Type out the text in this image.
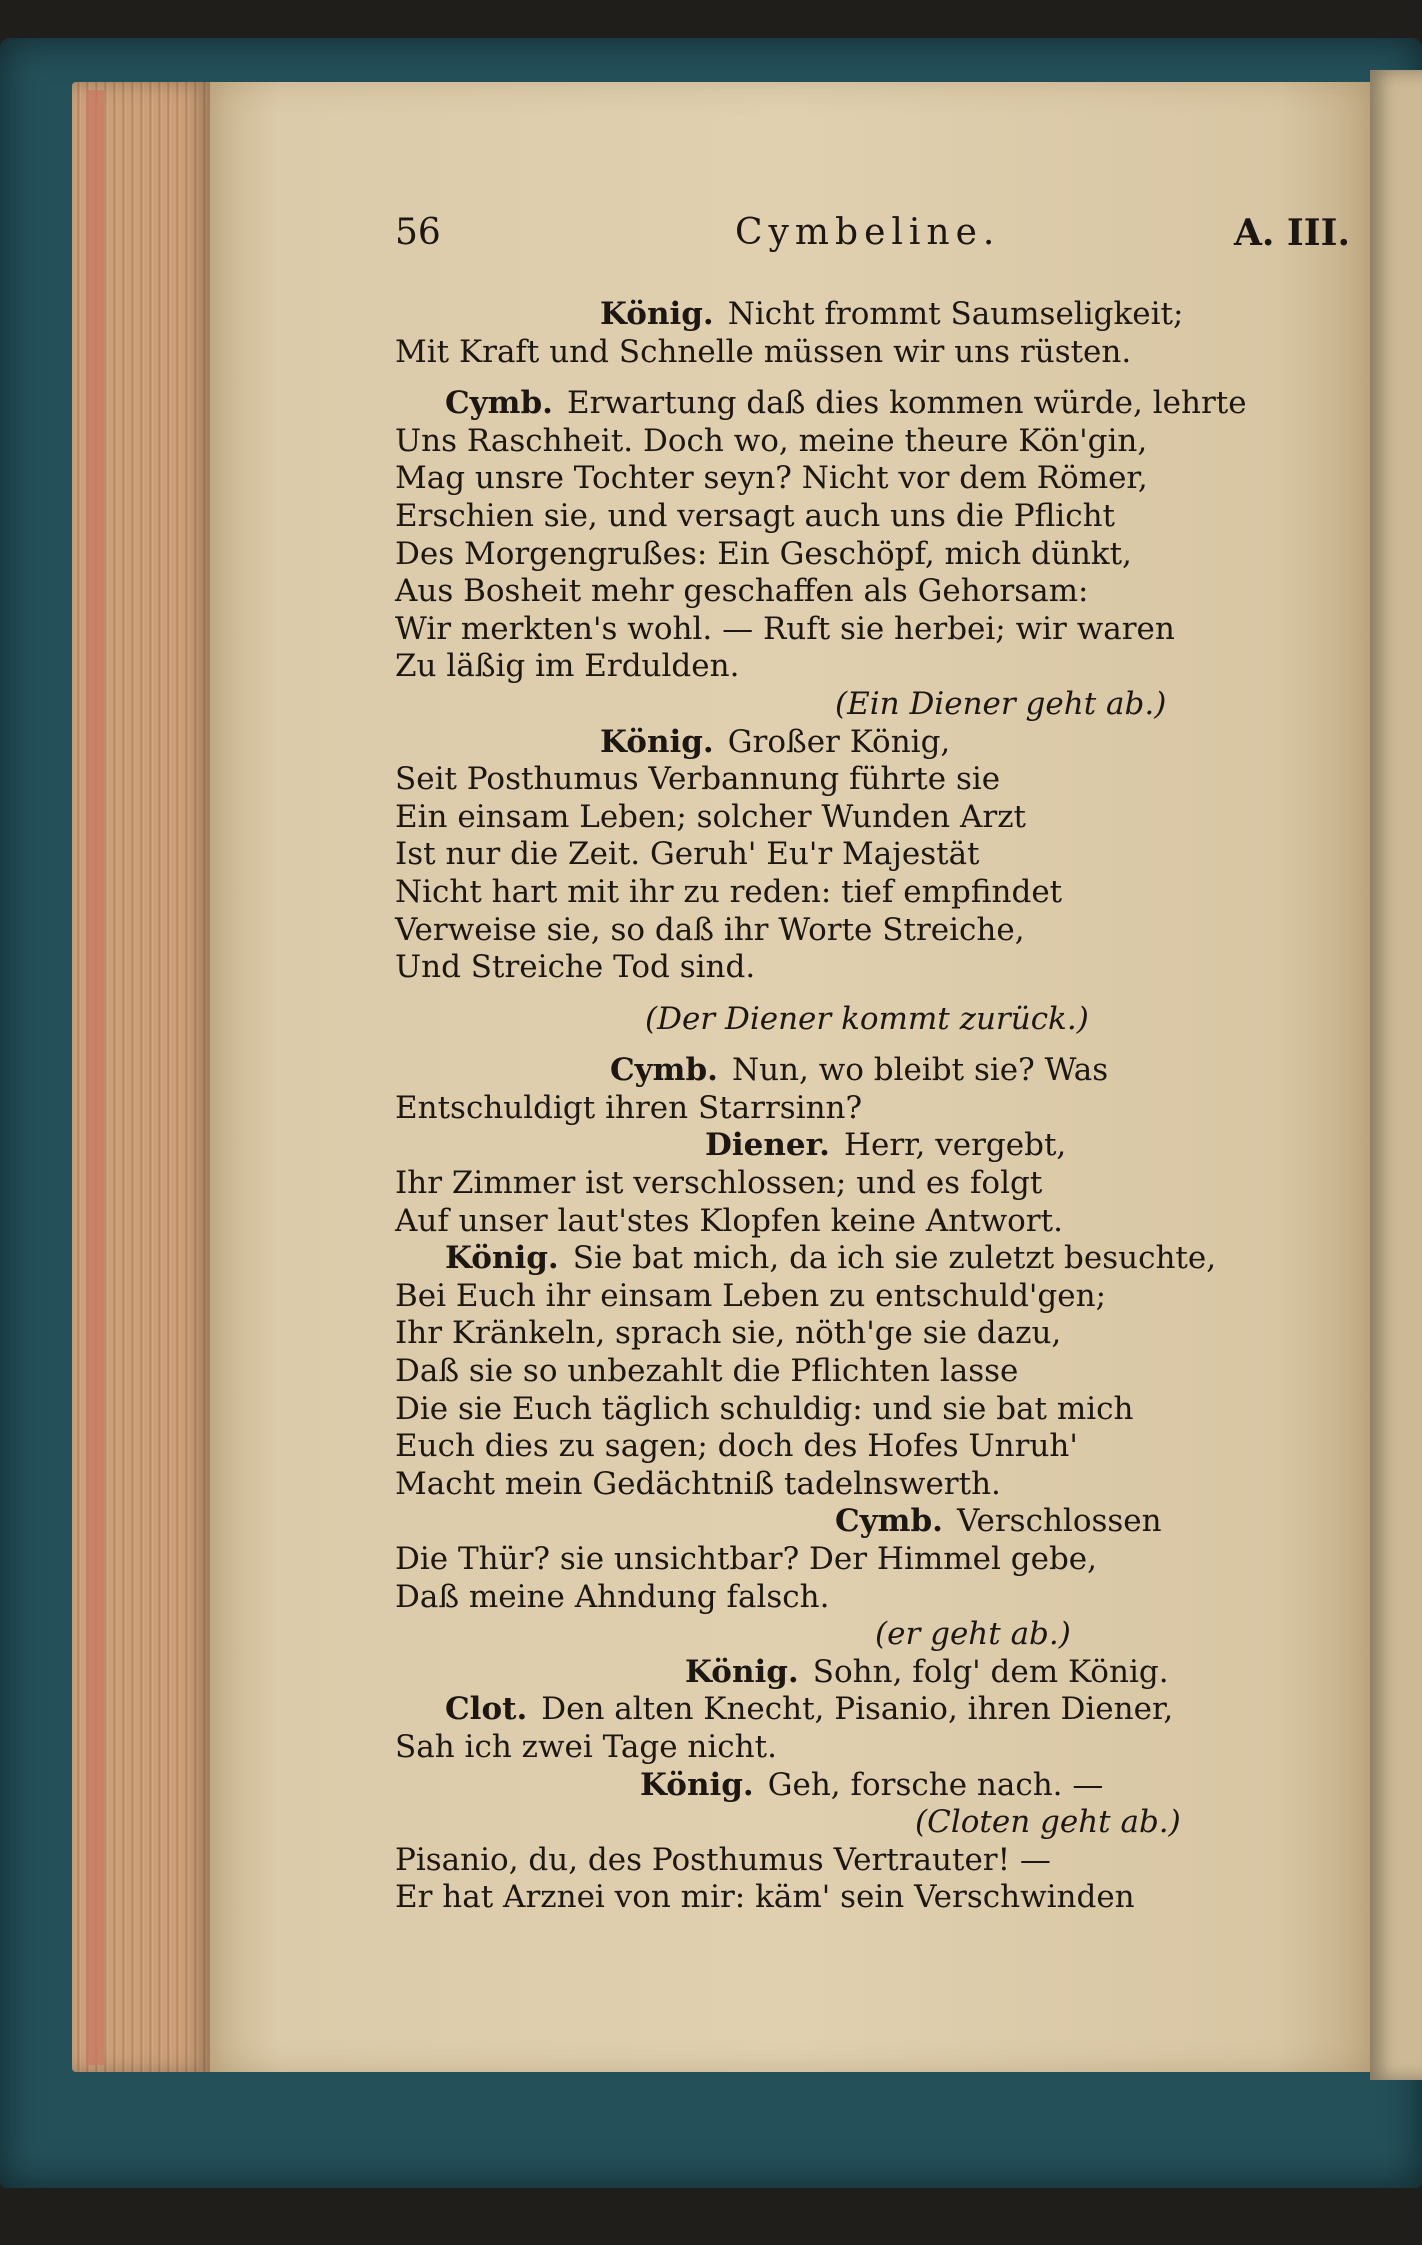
56	Cymbeline.	A. III.
König. Nicht frommt Saumseligkeit;
Mit Kraft und Schnelle müssen wir uns rüsten.
Cymb. Erwartung daß dies kommen würde, lehrte
Uns Raschheit. Doch wo, meine theure Kön'gin,
Mag unsre Tochter seyn? Nicht vor dem Römer,
Erschien sie, und versagt auch uns die Pflicht
Des Morgengrußes: Ein Geschöpf, mich dünkt,
Aus Bosheit mehr geschaffen als Gehorsam:
Wir merkten's wohl. — Ruft sie herbei; wir waren
Zu läßig im Erdulden.
(Ein Diener geht ab.)
König. Großer König,
Seit Posthumus Verbannung führte sie
Ein einsam Leben; solcher Wunden Arzt
Ist nur die Zeit. Geruh' Eu'r Majestät
Nicht hart mit ihr zu reden: tief empfindet
Verweise sie, so daß ihr Worte Streiche,
Und Streiche Tod sind.
(Der Diener kommt zurück.)
Cymb. Nun, wo bleibt sie? Was
Entschuldigt ihren Starrsinn?
Diener. Herr, vergebt,
Ihr Zimmer ist verschlossen; und es folgt
Auf unser laut'stes Klopfen keine Antwort.
König. Sie bat mich, da ich sie zuletzt besuchte,
Bei Euch ihr einsam Leben zu entschuld'gen;
Ihr Kränkeln, sprach sie, nöth'ge sie dazu,
Daß sie so unbezahlt die Pflichten lasse
Die sie Euch täglich schuldig: und sie bat mich
Euch dies zu sagen; doch des Hofes Unruh'
Macht mein Gedächtniß tadelnswerth.
Cymb. Verschlossen
Die Thür? sie unsichtbar? Der Himmel gebe,
Daß meine Ahndung falsch.
(er geht ab.)
König. Sohn, folg' dem König.
Clot. Den alten Knecht, Pisanio, ihren Diener,
Sah ich zwei Tage nicht.
König. Geh, forsche nach. —
(Cloten geht ab.)
Pisanio, du, des Posthumus Vertrauter! —
Er hat Arznei von mir: käm' sein Verschwinden
